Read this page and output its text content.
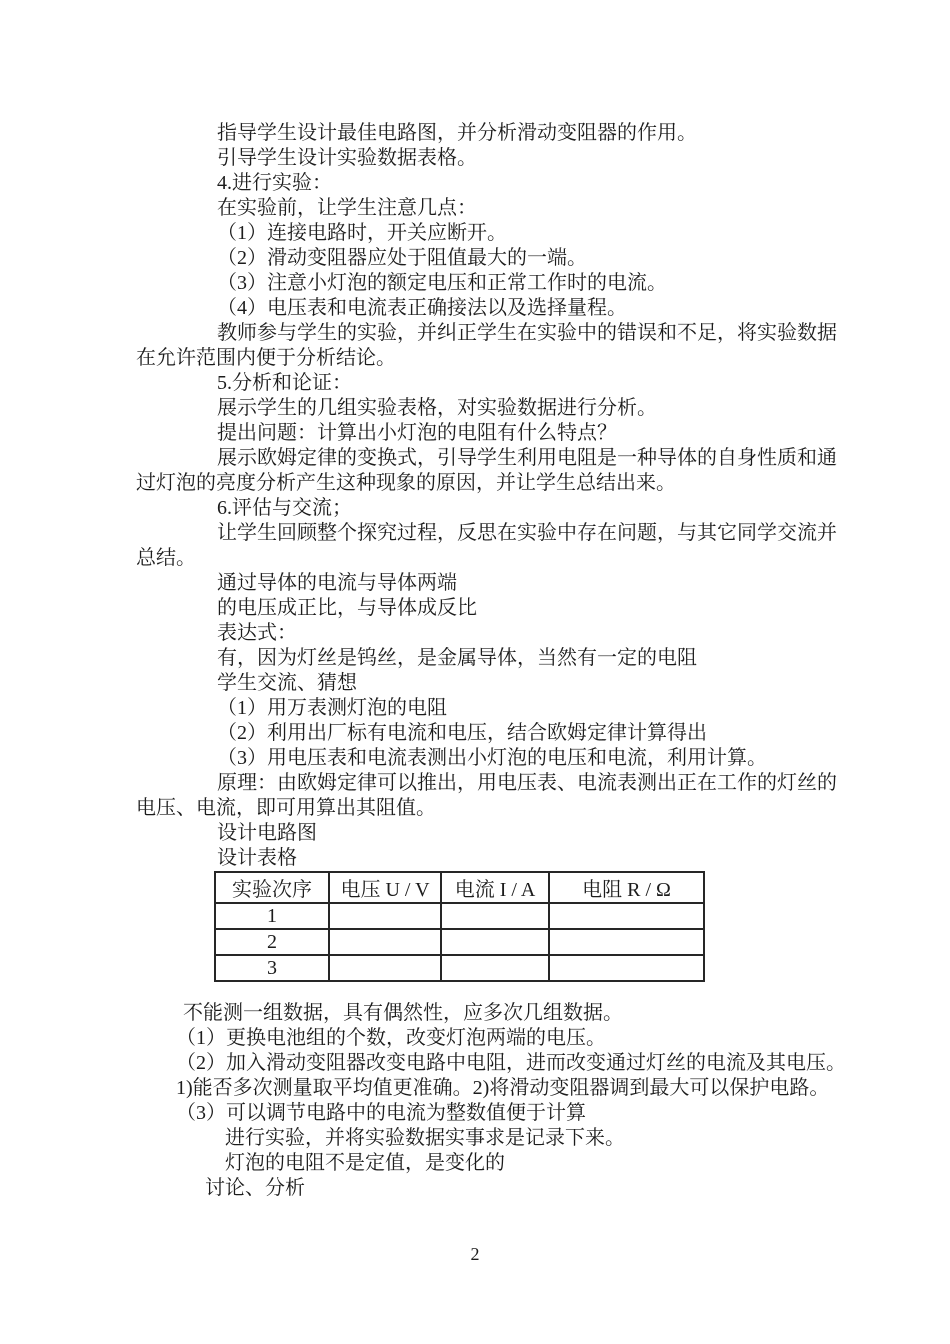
指导学生设计最佳电路图，并分析滑动变阻器的作用。
引导学生设计实验数据表格。
4.进行实验：
在实验前，让学生注意几点：
（1）连接电路时，开关应断开。
（2）滑动变阻器应处于阻值最大的一端。
（3）注意小灯泡的额定电压和正常工作时的电流。
（4）电压表和电流表正确接法以及选择量程。
教师参与学生的实验，并纠正学生在实验中的错误和不足，将实验数据
在允许范围内便于分析结论。
5.分析和论证：
展示学生的几组实验表格，对实验数据进行分析。
提出问题：计算出小灯泡的电阻有什么特点？
展示欧姆定律的变换式，引导学生利用电阻是一种导体的自身性质和通
过灯泡的亮度分析产生这种现象的原因，并让学生总结出来。
6.评估与交流；
让学生回顾整个探究过程，反思在实验中存在问题，与其它同学交流并
总结。
通过导体的电流与导体两端
的电压成正比，与导体成反比
表达式：
有，因为灯丝是钨丝，是金属导体，当然有一定的电阻
学生交流、猜想
（1）用万表测灯泡的电阻
（2）利用出厂标有电流和电压，结合欧姆定律计算得出
（3）用电压表和电流表测出小灯泡的电压和电流，利用计算。
原理：由欧姆定律可以推出，用电压表、电流表测出正在工作的灯丝的
电压、电流，即可用算出其阻值。
设计电路图
设计表格
实验次序	电压 U / V	电流 I / A	电阻 R / Ω
1			
2			
3			
不能测一组数据，具有偶然性，应多次几组数据。
（1）更换电池组的个数，改变灯泡两端的电压。
（2）加入滑动变阻器改变电路中电阻，进而改变通过灯丝的电流及其电压。
1)能否多次测量取平均值更准确。2)将滑动变阻器调到最大可以保护电路。
（3）可以调节电路中的电流为整数值便于计算
进行实验，并将实验数据实事求是记录下来。
灯泡的电阻不是定值，是变化的
讨论、分析
2
